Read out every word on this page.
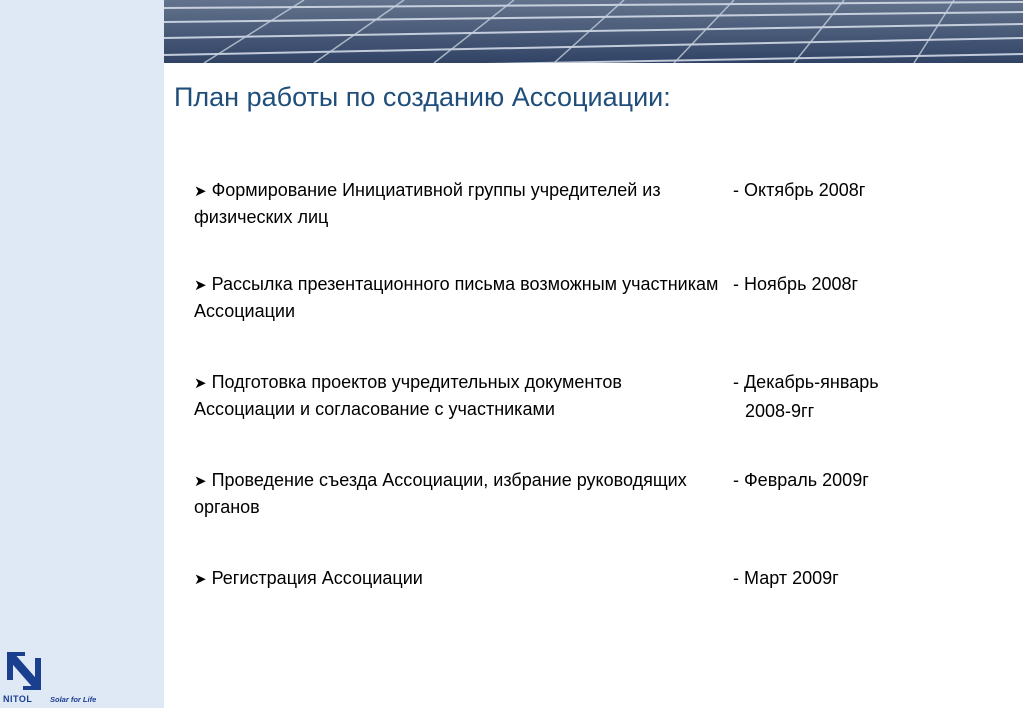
План работы по созданию Ассоциации:
➤ Формирование Инициативной группы учредителей из физических лиц
- Октябрь 2008г
➤ Рассылка презентационного письма возможным участникам Ассоциации
- Ноябрь 2008г
➤ Подготовка проектов учредительных документов Ассоциации и согласование с участниками
- Декабрь-январь
2008-9гг
➤ Проведение съезда Ассоциации, избрание руководящих органов
- Февраль 2009г
➤ Регистрация Ассоциации	- Март 2009г
NITOL Solar for Life
